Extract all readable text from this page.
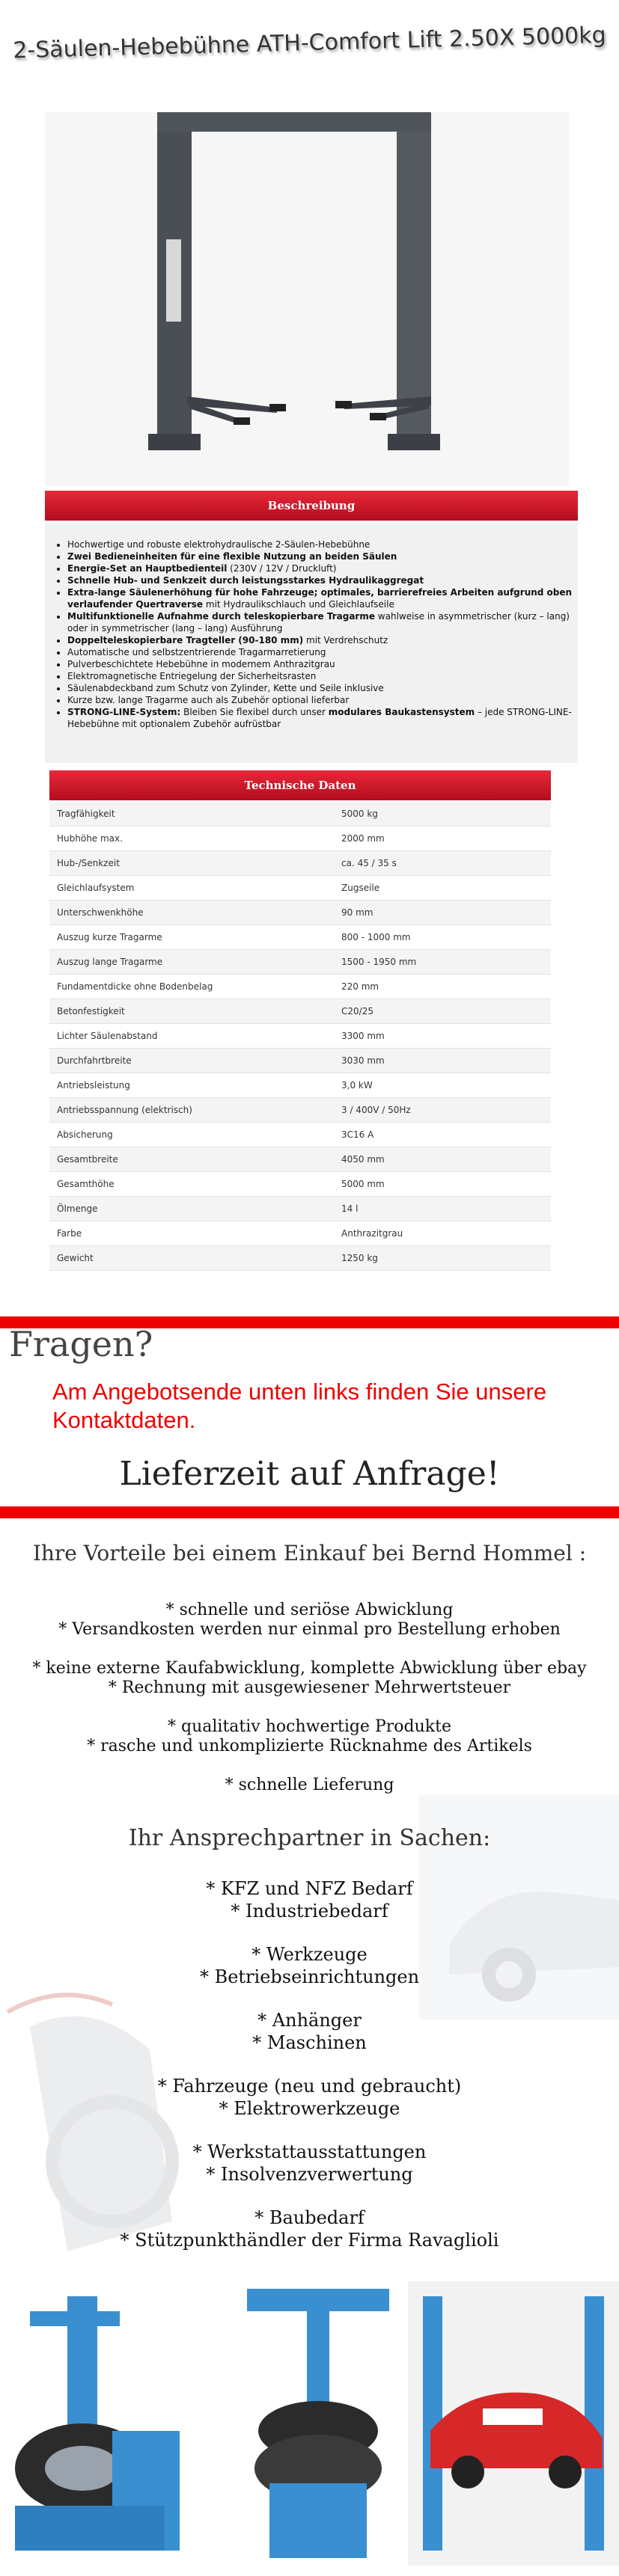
2-Säulen-Hebebühne ATH-Comfort Lift 2.50X 5000kg
Beschreibung
• Hochwertige und robuste elektrohydraulische 2-Säulen-Hebebühne
• Zwei Bedieneinheiten für eine flexible Nutzung an beiden Säulen
• Energie-Set an Hauptbedienteil (230V / 12V / Druckluft)
• Schnelle Hub- und Senkzeit durch leistungsstarkes Hydraulikaggregat
• Extra-lange Säulenerhöhung für hohe Fahrzeuge; optimales, barrierefreies Arbeiten aufgrund oben verlaufender Quertraverse mit Hydraulikschlauch und Gleichlaufseile
• Multifunktionelle Aufnahme durch teleskopierbare Tragarme wahlweise in asymmetrischer (kurz – lang) oder in symmetrischer (lang – lang) Ausführung
• Doppelteleskopierbare Tragteller (90-180 mm) mit Verdrehschutz
• Automatische und selbstzentrierende Tragarmarretierung
• Pulverbeschichtete Hebebühne in modernem Anthrazitgrau
• Elektromagnetische Entriegelung der Sicherheitsrasten
• Säulenabdeckband zum Schutz von Zylinder, Kette und Seile inklusive
• Kurze bzw. lange Tragarme auch als Zubehör optional lieferbar
• STRONG-LINE-System: Bleiben Sie flexibel durch unser modulares Baukastensystem – jede STRONG-LINE-Hebebühne mit optionalem Zubehör aufrüstbar
Technische Daten
Tragfähigkeit	5000 kg
Hubhöhe max.	2000 mm
Hub-/Senkzeit	ca. 45 / 35 s
Gleichlaufsystem	Zugseile
Unterschwenkhöhe	90 mm
Auszug kurze Tragarme	800 - 1000 mm
Auszug lange Tragarme	1500 - 1950 mm
Fundamentdicke ohne Bodenbelag	220 mm
Betonfestigkeit	C20/25
Lichter Säulenabstand	3300 mm
Durchfahrtbreite	3030 mm
Antriebsleistung	3,0 kW
Antriebsspannung (elektrisch)	3 / 400V / 50Hz
Absicherung	3C16 A
Gesamtbreite	4050 mm
Gesamthöhe	5000 mm
Ölmenge	14 l
Farbe	Anthrazitgrau
Gewicht	1250 kg
Fragen?
Am Angebotsende unten links finden Sie unsere Kontaktdaten.
Lieferzeit auf Anfrage!
Ihre Vorteile bei einem Einkauf bei Bernd Hommel :

* schnelle und seriöse Abwicklung
* Versandkosten werden nur einmal pro Bestellung erhoben

* keine externe Kaufabwicklung, komplette Abwicklung über ebay
* Rechnung mit ausgewiesener Mehrwertsteuer

* qualitativ hochwertige Produkte
* rasche und unkomplizierte Rücknahme des Artikels

* schnelle Lieferung

Ihr Ansprechpartner in Sachen:

* KFZ und NFZ Bedarf
* Industriebedarf

* Werkzeuge
* Betriebseinrichtungen

* Anhänger
* Maschinen

* Fahrzeuge (neu und gebraucht)
* Elektrowerkzeuge

* Werkstattausstattungen
* Insolvenzverwertung

* Baubedarf
* Stützpunkthändler der Firma Ravaglioli
